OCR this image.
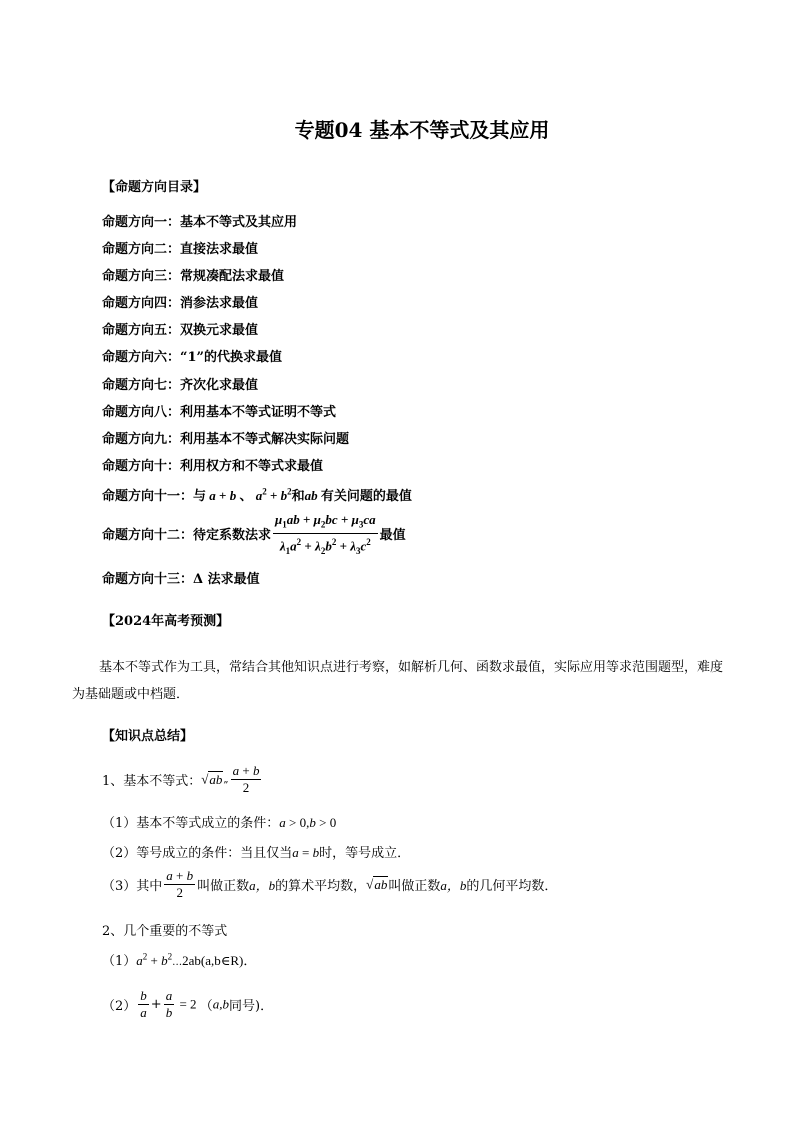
专题04 基本不等式及其应用
【命题方向目录】
命题方向一：基本不等式及其应用
命题方向二：直接法求最值
命题方向三：常规凑配法求最值
命题方向四：消参法求最值
命题方向五：双换元求最值
命题方向六：“1”的代换求最值
命题方向七：齐次化求最值
命题方向八：利用基本不等式证明不等式
命题方向九：利用基本不等式解决实际问题
命题方向十：利用权方和不等式求最值
命题方向十一：与 a + b 、 $a^2 + b^2$和ab 有关问题的最值
命题方向十二：待定系数法求 $\frac{\mu_1ab + \mu_2bc + \mu_3ca}{\lambda_1a^2 + \lambda_2b^2 + \lambda_3c^2}$ 最值
命题方向十三：Δ 法求最值
【2024年高考预测】
基本不等式作为工具，常结合其他知识点进行考察，如解析几何、函数求最值，实际应用等求范围题型，难度为基础题或中档题．
【知识点总结】
1、基本不等式：√ab„ $\frac{a + b}{2}$
（1）基本不等式成立的条件：a > 0,b > 0
（2）等号成立的条件：当且仅当a = b时，等号成立．
（3）其中 $\frac{a + b}{2}$ 叫做正数a，b的算术平均数，√ab叫做正数a，b的几何平均数．
2、几个重要的不等式
$(1)a^2$ + $b^2\dots 2ab(a,b\in R)$．
$(2) \frac{b}{a} + \frac{a}{b} = 2$ （a,b同号)．
